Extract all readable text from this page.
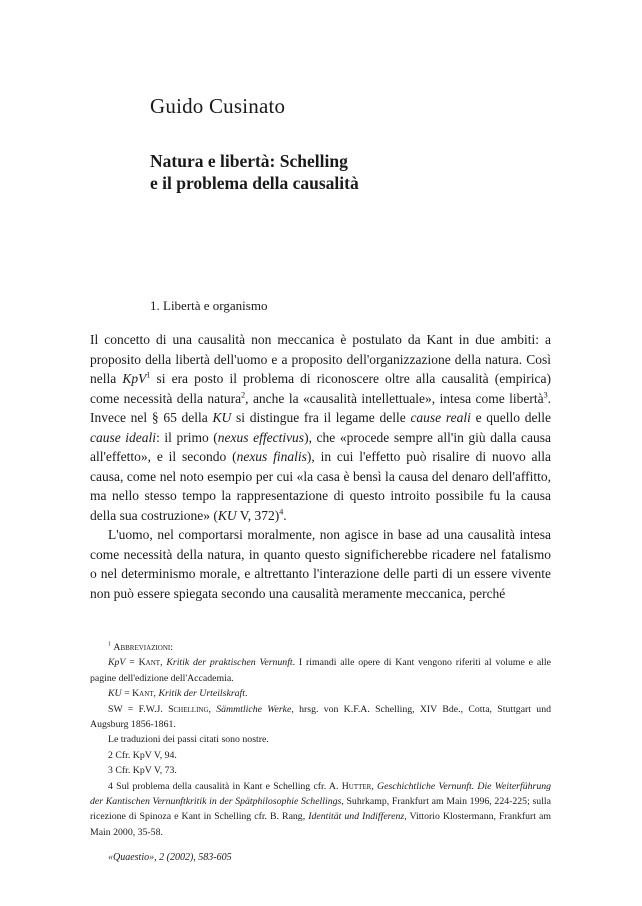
Guido Cusinato
Natura e libertà: Schelling
e il problema della causalità
1. Libertà e organismo

Il concetto di una causalità non meccanica è postulato da Kant in due ambiti: a proposito della libertà dell'uomo e a proposito dell'organizzazione della natura. Così nella KpV$^1$ si era posto il problema di riconoscere oltre alla causalità (empirica) come necessità della natura$^2$, anche la «causalità intellettuale», intesa come libertà$^3$. Invece nel § 65 della KU si distingue fra il legame delle cause reali e quello delle cause ideali: il primo (nexus effectivus), che «procede sempre all'in giù dalla causa all'effetto», e il secondo (nexus finalis), in cui l'effetto può risalire di nuovo alla causa, come nel noto esempio per cui «la casa è bensì la causa del denaro dell'affitto, ma nello stesso tempo la rappresentazione di questo introito possibile fu la causa della sua costruzione» (KU V, 372)$^4$.

L'uomo, nel comportarsi moralmente, non agisce in base ad una causalità intesa come necessità della natura, in quanto questo significherebbe ricadere nel fatalismo o nel determinismo morale, e altrettanto l'interazione delle parti di un essere vivente non può essere spiegata secondo una causalità meramente meccanica, perché

$^1$ Abbreviazioni:

KpV = Kant, Kritik der praktischen Vernunft. I rimandi alle opere di Kant vengono riferiti al volume e alle pagine dell'edizione dell'Accademia.

KU = Kant, Kritik der Urteilskraft.

SW = F.W.J. Schelling, Sämmtliche Werke, hrsg. von K.F.A. Schelling, XIV Bde., Cotta, Stuttgart und Augsburg 1856-1861.

Le traduzioni dei passi citati sono nostre.

2 Cfr. KpV V, 94.

3 Cfr. KpV V, 73.

4 Sul problema della causalità in Kant e Schelling cfr. A. Hutter, Geschichtliche Vernunft. Die Weiterführung der Kantischen Vernunftkritik in der Spätphilosophie Schellings, Suhrkamp, Frankfurt am Main 1996, 224-225; sulla ricezione di Spinoza e Kant in Schelling cfr. B. Rang, Identität und Indifferenz, Vittorio Klostermann, Frankfurt am Main 2000, 35-58.

«Quaestio», 2 (2002), 583-605
